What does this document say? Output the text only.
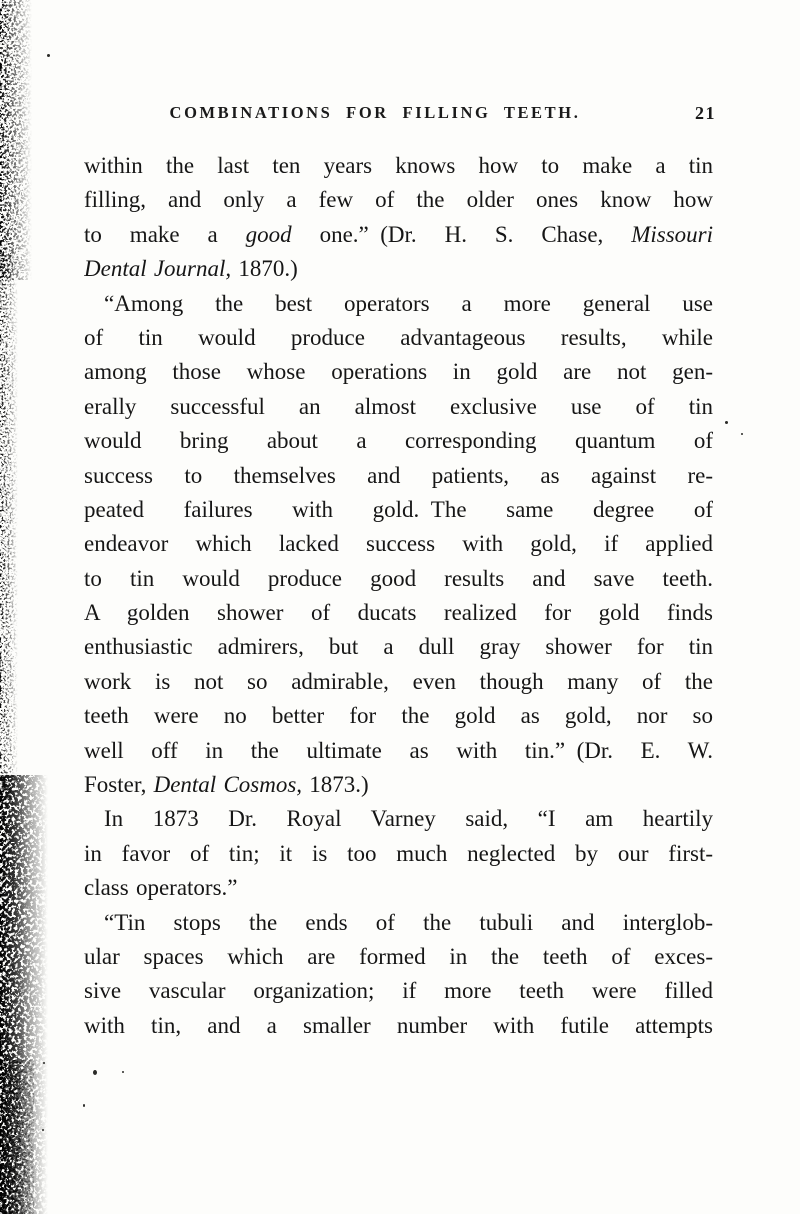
COMBINATIONS FOR FILLING TEETH.	21
within the last ten years knows how to make a tin
filling, and only a few of the older ones know how
to make a good one.” (Dr. H. S. Chase, Missouri
Dental Journal, 1870.)
“Among the best operators a more general use
of tin would produce advantageous results, while
among those whose operations in gold are not gen-
erally successful an almost exclusive use of tin
would bring about a corresponding quantum of
success to themselves and patients, as against re-
peated failures with gold. The same degree of
endeavor which lacked success with gold, if applied
to tin would produce good results and save teeth.
A golden shower of ducats realized for gold finds
enthusiastic admirers, but a dull gray shower for tin
work is not so admirable, even though many of the
teeth were no better for the gold as gold, nor so
well off in the ultimate as with tin.” (Dr. E. W.
Foster, Dental Cosmos, 1873.)
In 1873 Dr. Royal Varney said, “I am heartily
in favor of tin; it is too much neglected by our first-
class operators.”
“Tin stops the ends of the tubuli and interglob-
ular spaces which are formed in the teeth of exces-
sive vascular organization; if more teeth were filled
with tin, and a smaller number with futile attempts
